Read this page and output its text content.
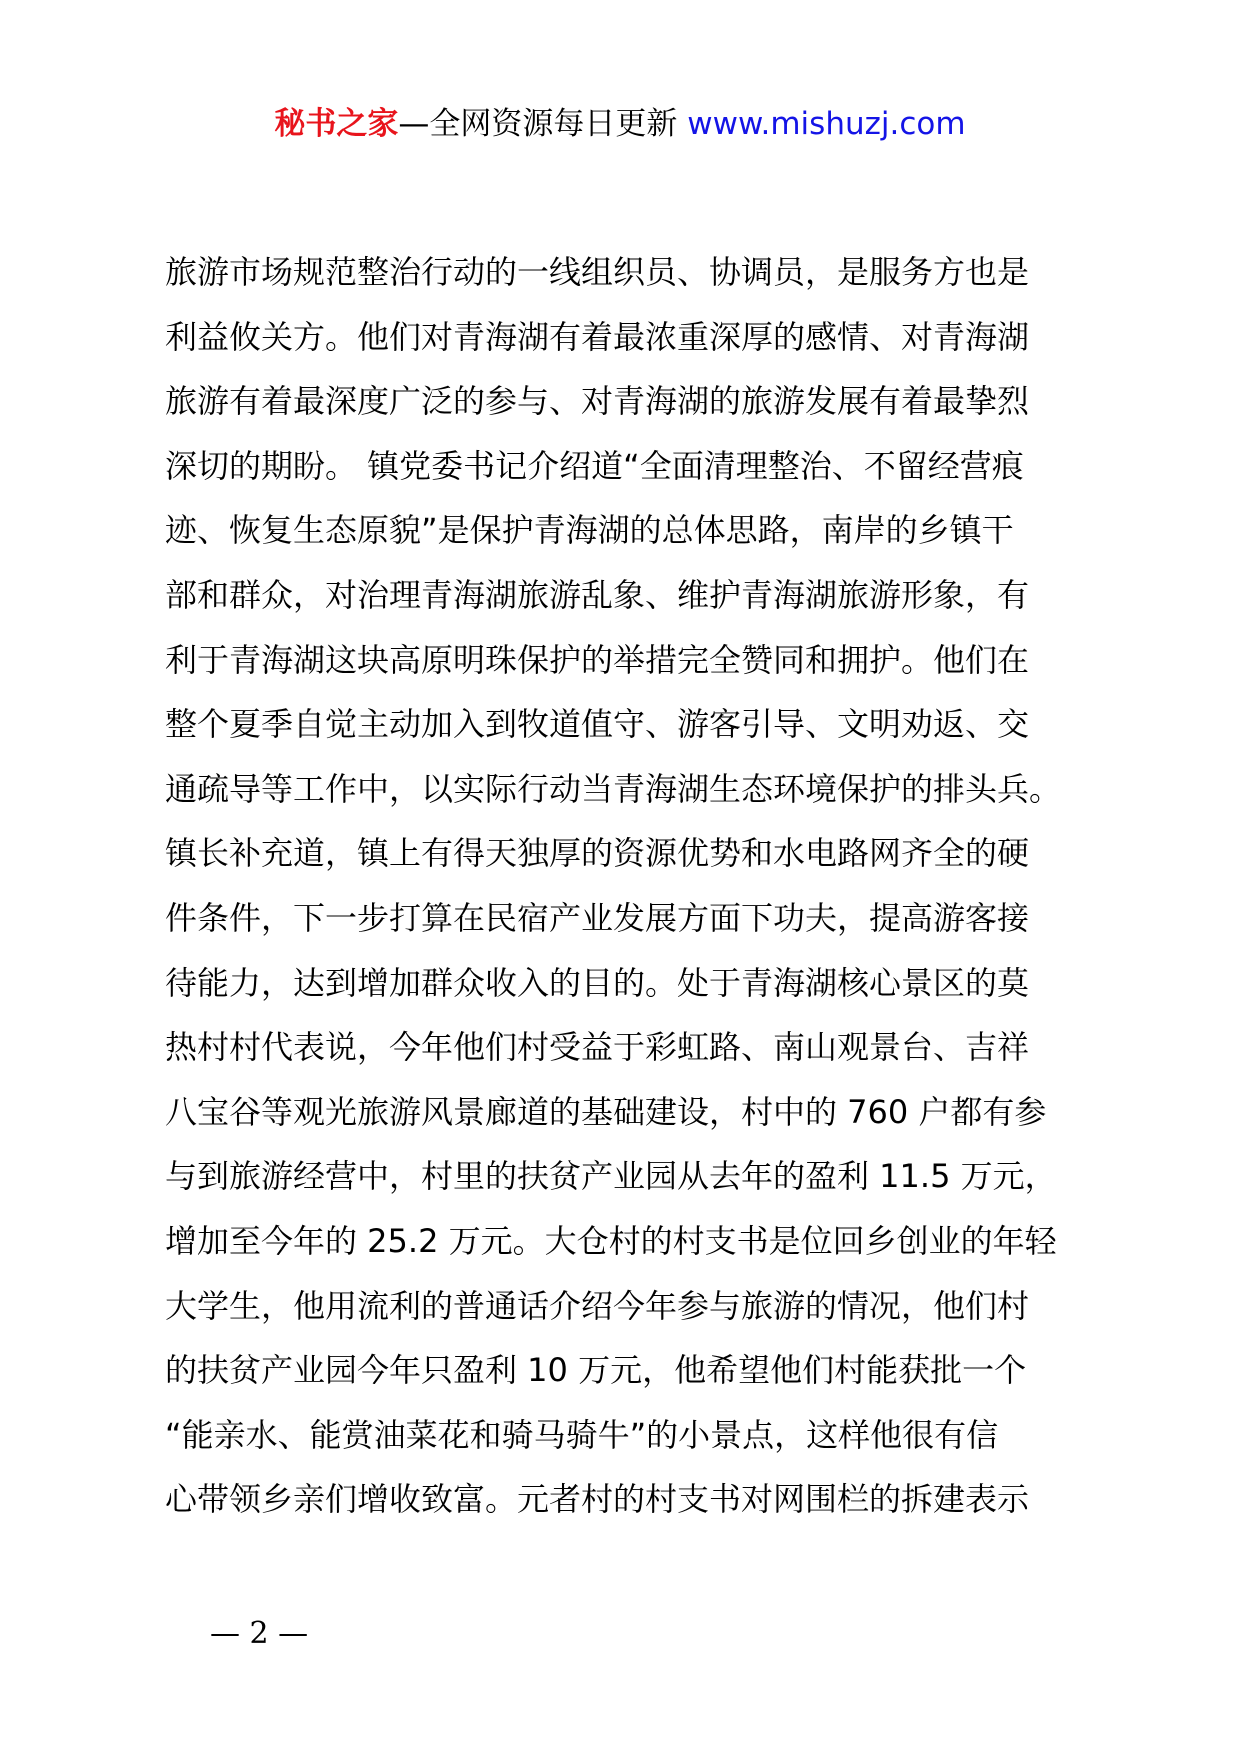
秘书之家—全网资源每日更新 www.mishuzj.com
旅游市场规范整治行动的一线组织员、协调员，是服务方也是
利益攸关方。他们对青海湖有着最浓重深厚的感情、对青海湖
旅游有着最深度广泛的参与、对青海湖的旅游发展有着最挚烈
深切的期盼。 镇党委书记介绍道“全面清理整治、不留经营痕
迹、恢复生态原貌”是保护青海湖的总体思路，南岸的乡镇干
部和群众，对治理青海湖旅游乱象、维护青海湖旅游形象，有
利于青海湖这块高原明珠保护的举措完全赞同和拥护。他们在
整个夏季自觉主动加入到牧道值守、游客引导、文明劝返、交
通疏导等工作中，以实际行动当青海湖生态环境保护的排头兵。
镇长补充道，镇上有得天独厚的资源优势和水电路网齐全的硬
件条件，下一步打算在民宿产业发展方面下功夫，提高游客接
待能力，达到增加群众收入的目的。处于青海湖核心景区的莫
热村村代表说，今年他们村受益于彩虹路、南山观景台、吉祥
八宝谷等观光旅游风景廊道的基础建设，村中的 760 户都有参
与到旅游经营中，村里的扶贫产业园从去年的盈利 11.5 万元，
增加至今年的 25.2 万元。大仓村的村支书是位回乡创业的年轻
大学生，他用流利的普通话介绍今年参与旅游的情况，他们村
的扶贫产业园今年只盈利 10 万元，他希望他们村能获批一个
“能亲水、能赏油菜花和骑马骑牛”的小景点，这样他很有信
心带领乡亲们增收致富。元者村的村支书对网围栏的拆建表示
— 2 —
